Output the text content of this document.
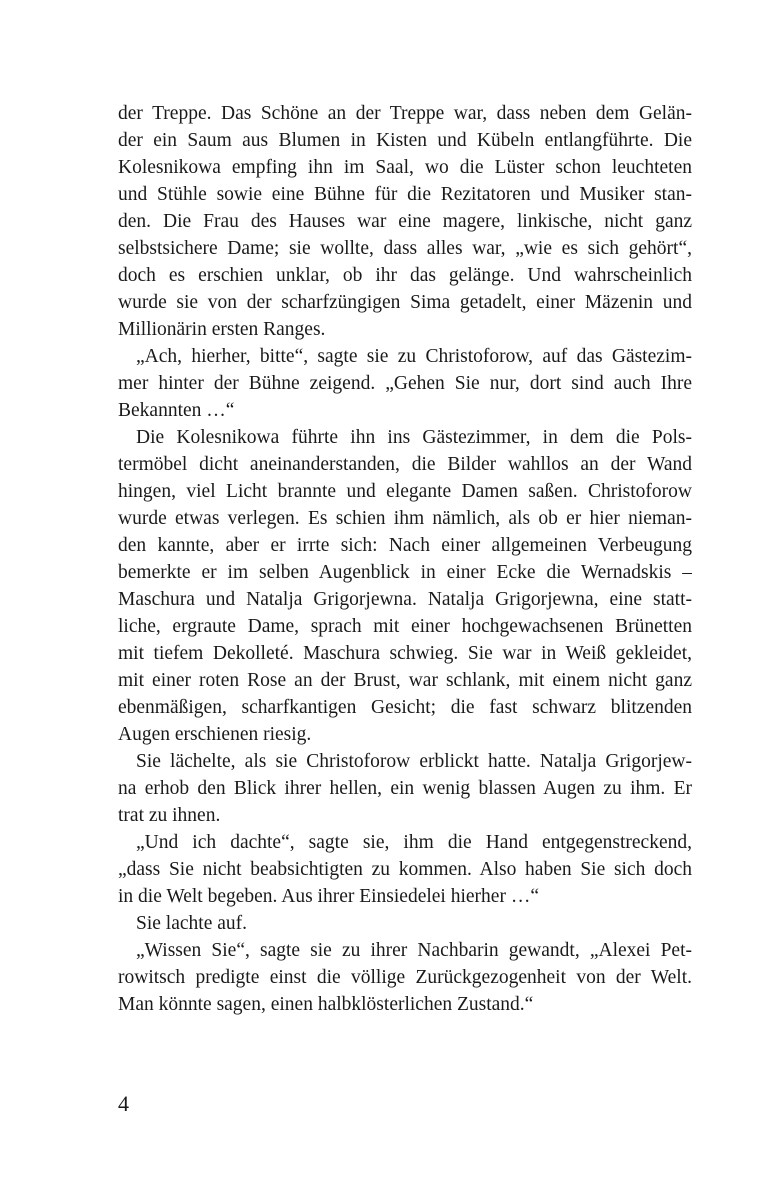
der Treppe. Das Schöne an der Treppe war, dass neben dem Gelän-
der ein Saum aus Blumen in Kisten und Kübeln entlangführte. Die
Kolesnikowa empfing ihn im Saal, wo die Lüster schon leuchteten
und Stühle sowie eine Bühne für die Rezitatoren und Musiker stan-
den. Die Frau des Hauses war eine magere, linkische, nicht ganz
selbstsichere Dame; sie wollte, dass alles war, „wie es sich gehört“,
doch es erschien unklar, ob ihr das gelänge. Und wahrscheinlich
wurde sie von der scharfzüngigen Sima getadelt, einer Mäzenin und
Millionärin ersten Ranges.
„Ach, hierher, bitte“, sagte sie zu Christoforow, auf das Gästezim-
mer hinter der Bühne zeigend. „Gehen Sie nur, dort sind auch Ihre
Bekannten …“
Die Kolesnikowa führte ihn ins Gästezimmer, in dem die Pols-
termöbel dicht aneinanderstanden, die Bilder wahllos an der Wand
hingen, viel Licht brannte und elegante Damen saßen. Christoforow
wurde etwas verlegen. Es schien ihm nämlich, als ob er hier nieman-
den kannte, aber er irrte sich: Nach einer allgemeinen Verbeugung
bemerkte er im selben Augenblick in einer Ecke die Wernadskis –
Maschura und Natalja Grigorjewna. Natalja Grigorjewna, eine statt-
liche, ergraute Dame, sprach mit einer hochgewachsenen Brünetten
mit tiefem Dekolleté. Maschura schwieg. Sie war in Weiß gekleidet,
mit einer roten Rose an der Brust, war schlank, mit einem nicht ganz
ebenmäßigen, scharfkantigen Gesicht; die fast schwarz blitzenden
Augen erschienen riesig.
Sie lächelte, als sie Christoforow erblickt hatte. Natalja Grigorjew-
na erhob den Blick ihrer hellen, ein wenig blassen Augen zu ihm. Er
trat zu ihnen.
„Und ich dachte“, sagte sie, ihm die Hand entgegenstreckend,
„dass Sie nicht beabsichtigten zu kommen. Also haben Sie sich doch
in die Welt begeben. Aus ihrer Einsiedelei hierher …“
Sie lachte auf.
„Wissen Sie“, sagte sie zu ihrer Nachbarin gewandt, „Alexei Pet-
rowitsch predigte einst die völlige Zurückgezogenheit von der Welt.
Man könnte sagen, einen halbklösterlichen Zustand.“
4
